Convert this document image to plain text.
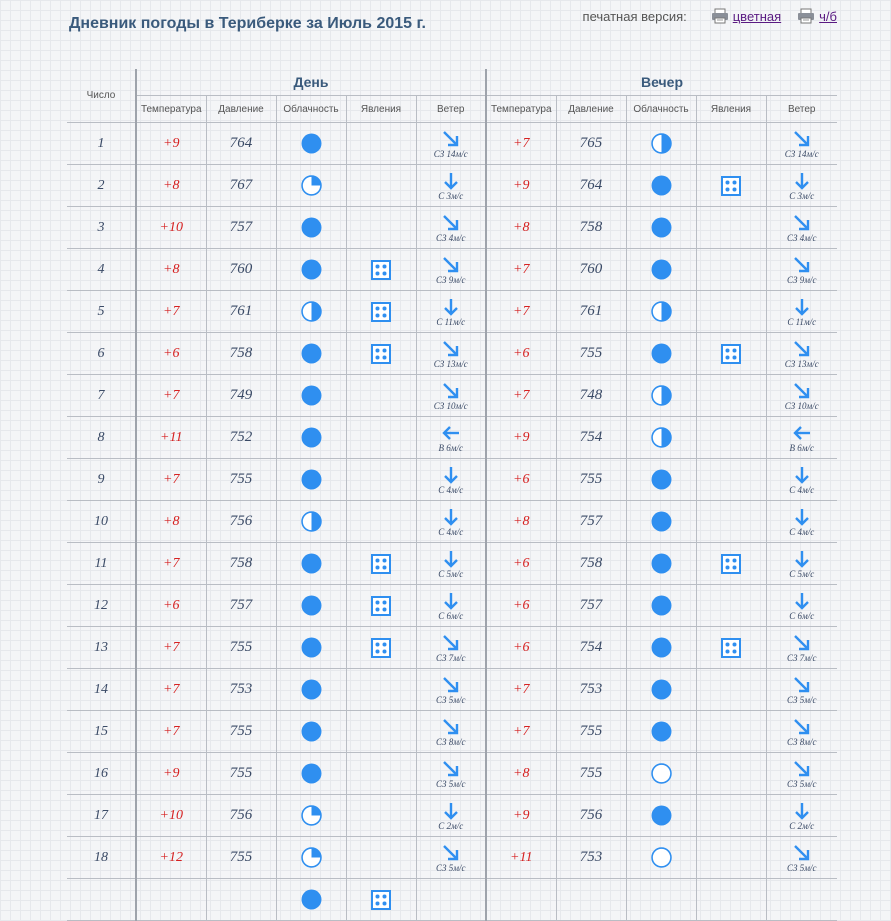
Дневник погоды в Териберке за Июль 2015 г.	печатная версия:	цветная	ч/б
Число	День					Вечер				
	Температура	Давление	Облачность	Явления	Ветер	Температура	Давление	Облачность	Явления	Ветер
1	+9	764			СЗ 14м/с	+7	765			СЗ 14м/с

2	+8	767			С 3м/с	+9	764			С 3м/с

3	+10	757			СЗ 4м/с	+8	758			СЗ 4м/с

4	+8	760			СЗ 9м/с	+7	760			СЗ 9м/с

5	+7	761			С 11м/с	+7	761			С 11м/с

6	+6	758			СЗ 13м/с	+6	755			СЗ 13м/с

7	+7	749			СЗ 10м/с	+7	748			СЗ 10м/с

8	+11	752			В 6м/с	+9	754			В 6м/с

9	+7	755			С 4м/с	+6	755			С 4м/с

10	+8	756			С 4м/с	+8	757			С 4м/с

11	+7	758			С 5м/с	+6	758			С 5м/с

12	+6	757			С 6м/с	+6	757			С 6м/с

13	+7	755			СЗ 7м/с	+6	754			СЗ 7м/с

14	+7	753			СЗ 5м/с	+7	753			СЗ 5м/с

15	+7	755			СЗ 8м/с	+7	755			СЗ 8м/с

16	+9	755			СЗ 5м/с	+8	755			СЗ 5м/с

17	+10	756			С 2м/с	+9	756			С 2м/с

18	+12	755			СЗ 5м/с	+11	753			СЗ 5м/с
